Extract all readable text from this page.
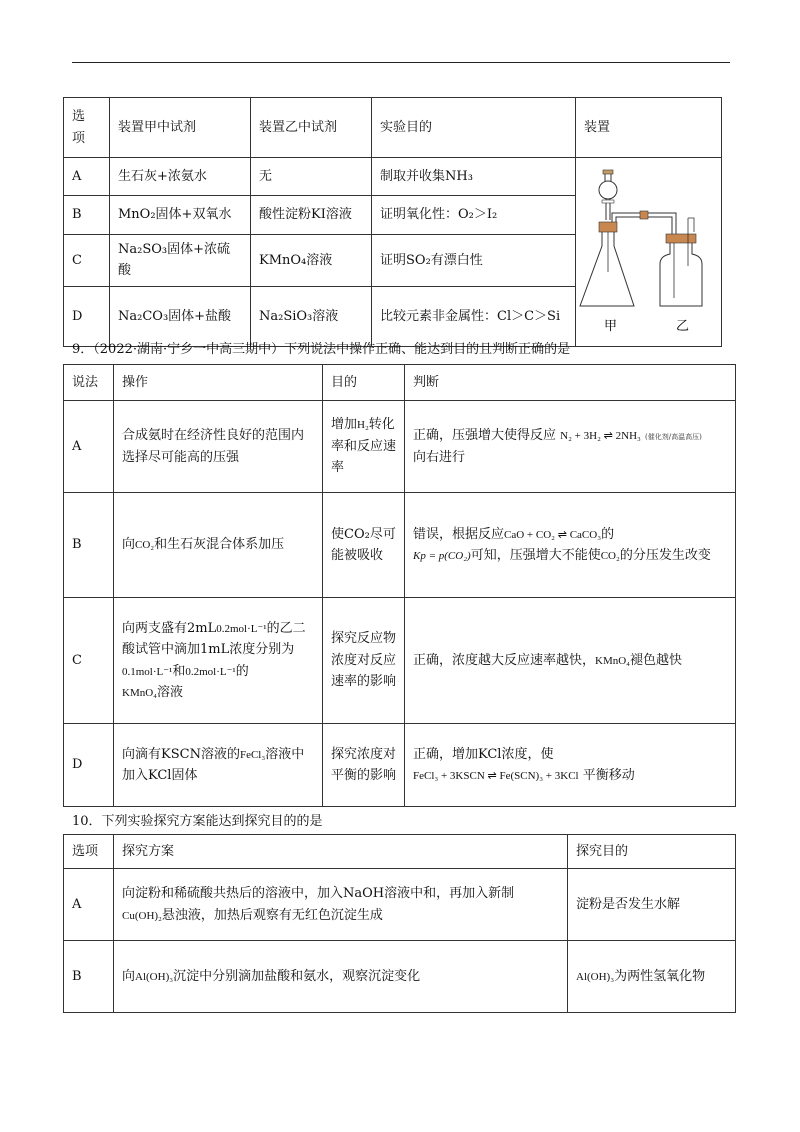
选
项	装置甲中试剂	装置乙中试剂	实验目的	装置
A	生石灰+浓氨水	无	制取并收集NH₃	甲 乙

B	MnO₂固体+双氧水	酸性淀粉KI溶液	证明氧化性：O₂＞I₂	
C	Na₂SO₃固体+浓硫酸	KMnO₄溶液	证明SO₂有漂白性	
D	Na₂CO₃固体+盐酸	Na₂SiO₃溶液	比较元素非金属性：Cl＞C＞Si	
9．（2022·湖南·宁乡一中高三期中）下列说法中操作正确、能达到目的且判断正确的是
说法	操作	目的	判断
A	合成氨时在经济性良好的范围内选择尽可能高的压强	增加H₂转化率和反应速率	正确，压强增大使得反应 N₂ + 3H₂ ⇌ 2NH₃ (催化剂/高温高压)
向右进行
B	向CO₂和生石灰混合体系加压	使CO₂尽可能被吸收	错误，根据反应CaO + CO₂ ⇌ CaCO₃的
Kp = p(CO₂)可知，压强增大不能使CO₂的分压发生改变
C	向两支盛有2mL0.2mol·L⁻¹的乙二酸试管中滴加1mL浓度分别为0.1mol·L⁻¹和0.2mol·L⁻¹的
KMnO₄溶液	探究反应物浓度对反应速率的影响	正确，浓度越大反应速率越快，KMnO₄褪色越快
D	向滴有KSCN溶液的FeCl₃溶液中加入KCl固体	探究浓度对平衡的影响	正确，增加KCl浓度，使
FeCl₃ + 3KSCN ⇌ Fe(SCN)₃ + 3KCl 平衡移动
10．下列实验探究方案能达到探究目的的是
选项	探究方案	探究目的
A	向淀粉和稀硫酸共热后的溶液中，加入NaOH溶液中和，再加入新制
Cu(OH)₂悬浊液，加热后观察有无红色沉淀生成	淀粉是否发生水解
B	向Al(OH)₃沉淀中分别滴加盐酸和氨水，观察沉淀变化	Al(OH)₃为两性氢氧化物
